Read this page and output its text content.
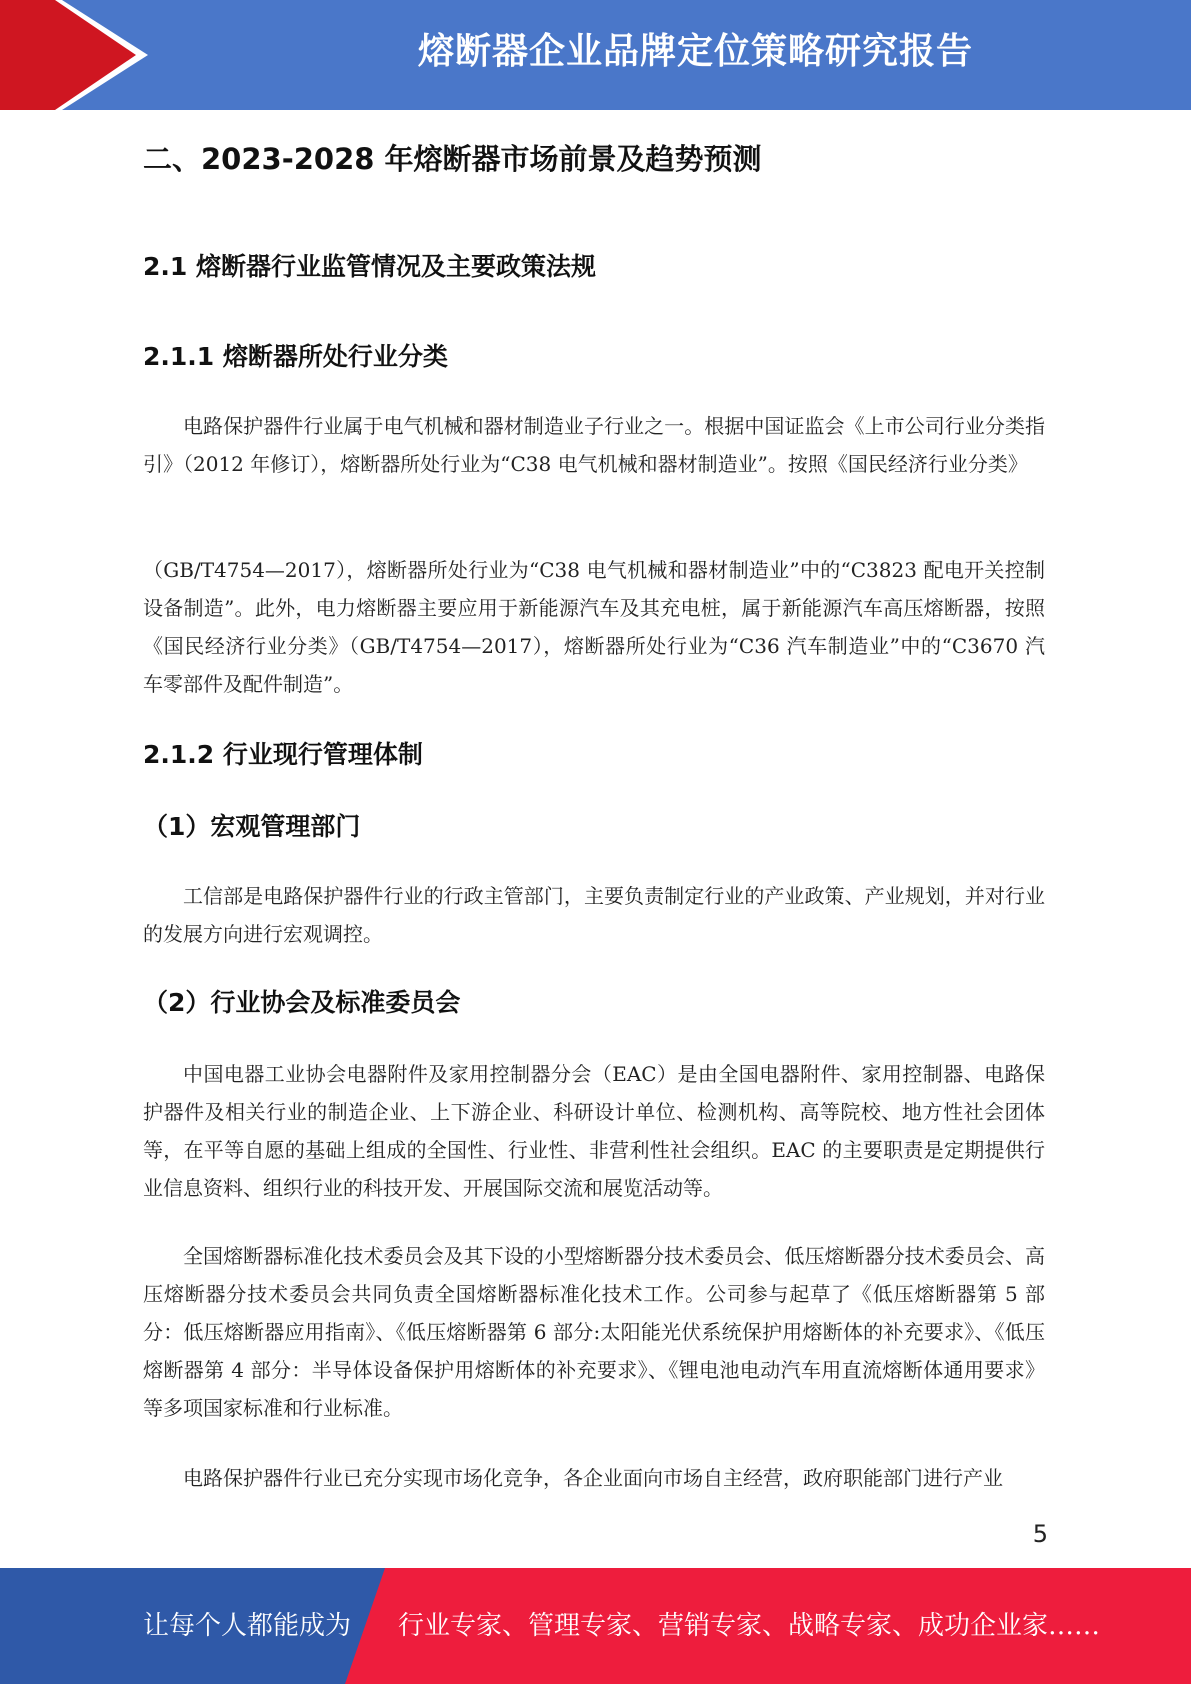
熔断器企业品牌定位策略研究报告
二、2023-2028 年熔断器市场前景及趋势预测
2.1 熔断器行业监管情况及主要政策法规
2.1.1 熔断器所处行业分类

电路保护器件行业属于电气机械和器材制造业子行业之一。根据中国证监会《上市公司行业分类指引》（2012 年修订），熔断器所处行业为“C38 电气机械和器材制造业”。按照《国民经济行业分类》

（GB/T4754—2017），熔断器所处行业为“C38 电气机械和器材制造业”中的“C3823 配电开关控制设备制造”。此外，电力熔断器主要应用于新能源汽车及其充电桩，属于新能源汽车高压熔断器，按照《国民经济行业分类》（GB/T4754—2017），熔断器所处行业为“C36 汽车制造业”中的“C3670 汽车零部件及配件制造”。

2.1.2 行业现行管理体制
（1）宏观管理部门

工信部是电路保护器件行业的行政主管部门，主要负责制定行业的产业政策、产业规划，并对行业的发展方向进行宏观调控。

（2）行业协会及标准委员会

中国电器工业协会电器附件及家用控制器分会（EAC）是由全国电器附件、家用控制器、电路保护器件及相关行业的制造企业、上下游企业、科研设计单位、检测机构、高等院校、地方性社会团体等，在平等自愿的基础上组成的全国性、行业性、非营利性社会组织。EAC 的主要职责是定期提供行业信息资料、组织行业的科技开发、开展国际交流和展览活动等。

全国熔断器标准化技术委员会及其下设的小型熔断器分技术委员会、低压熔断器分技术委员会、高压熔断器分技术委员会共同负责全国熔断器标准化技术工作。公司参与起草了《低压熔断器第 5 部分：低压熔断器应用指南》、《低压熔断器第 6 部分:太阳能光伏系统保护用熔断体的补充要求》、《低压熔断器第 4 部分：半导体设备保护用熔断体的补充要求》、《锂电池电动汽车用直流熔断体通用要求》等多项国家标准和行业标准。

电路保护器件行业已充分实现市场化竞争，各企业面向市场自主经营，政府职能部门进行产业

5
让每个人都能成为 行业专家、管理专家、营销专家、战略专家、成功企业家……
